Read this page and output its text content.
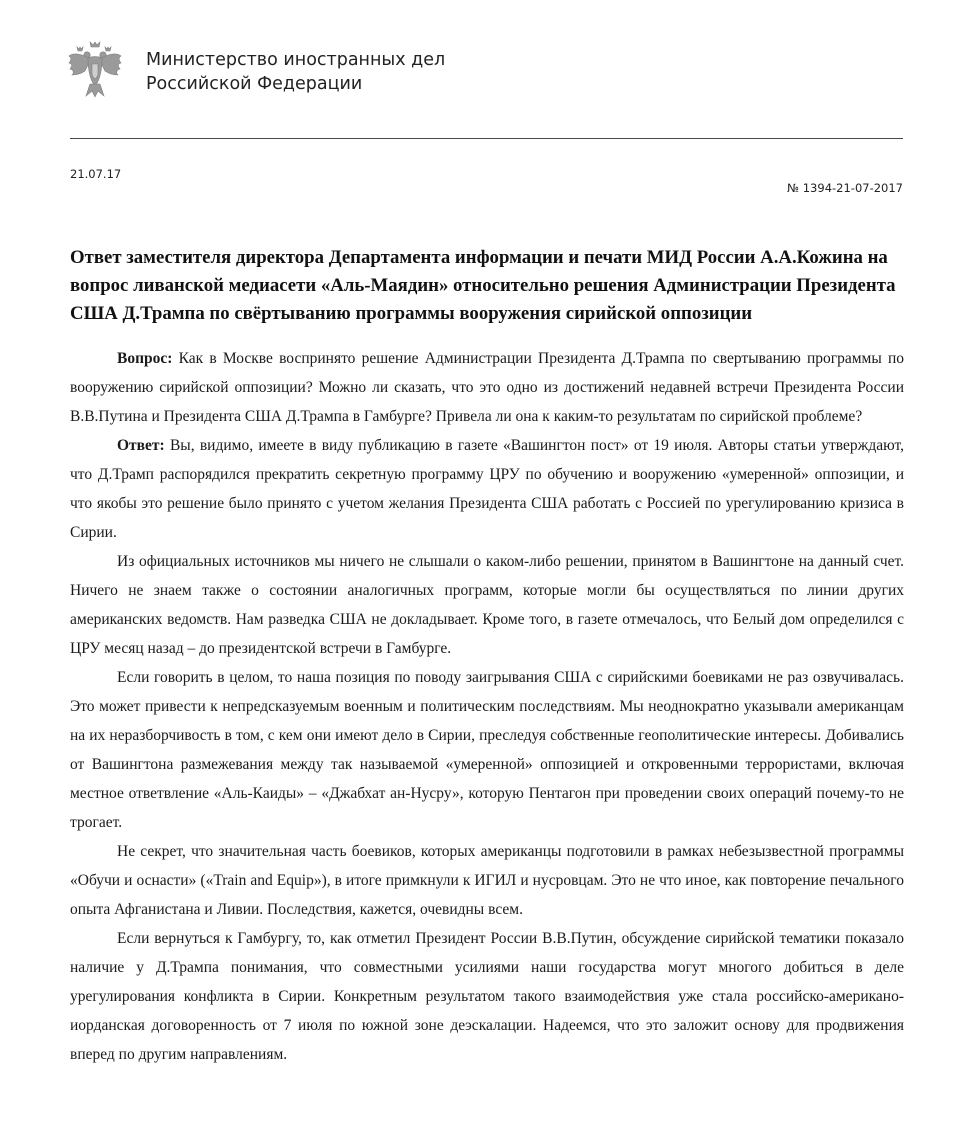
Министерство иностранных дел
Российской Федерации
21.07.17
№ 1394-21-07-2017
Ответ заместителя директора Департамента информации и печати МИД России А.А.Кожина на вопрос ливанской медиасети «Аль-Маядин» относительно решения Администрации Президента США Д.Трампа по свёртыванию программы вооружения сирийской оппозиции

Вопрос: Как в Москве воспринято решение Администрации Президента Д.Трампа по свертыванию программы по вооружению сирийской оппозиции? Можно ли сказать, что это одно из достижений недавней встречи Президента России В.В.Путина и Президента США Д.Трампа в Гамбурге? Привела ли она к каким-то результатам по сирийской проблеме?

Ответ: Вы, видимо, имеете в виду публикацию в газете «Вашингтон пост» от 19 июля. Авторы статьи утверждают, что Д.Трамп распорядился прекратить секретную программу ЦРУ по обучению и вооружению «умеренной» оппозиции, и что якобы это решение было принято с учетом желания Президента США работать с Россией по урегулированию кризиса в Сирии.

Из официальных источников мы ничего не слышали о каком-либо решении, принятом в Вашингтоне на данный счет. Ничего не знаем также о состоянии аналогичных программ, которые могли бы осуществляться по линии других американских ведомств. Нам разведка США не докладывает. Кроме того, в газете отмечалось, что Белый дом определился с ЦРУ месяц назад – до президентской встречи в Гамбурге.

Если говорить в целом, то наша позиция по поводу заигрывания США с сирийскими боевиками не раз озвучивалась. Это может привести к непредсказуемым военным и политическим последствиям. Мы неоднократно указывали американцам на их неразборчивость в том, с кем они имеют дело в Сирии, преследуя собственные геополитические интересы. Добивались от Вашингтона размежевания между так называемой «умеренной» оппозицией и откровенными террористами, включая местное ответвление «Аль-Каиды» – «Джабхат ан-Нусру», которую Пентагон при проведении своих операций почему-то не трогает.

Не секрет, что значительная часть боевиков, которых американцы подготовили в рамках небезызвестной программы «Обучи и оснасти» («Train and Equip»), в итоге примкнули к ИГИЛ и нусровцам. Это не что иное, как повторение печального опыта Афганистана и Ливии. Последствия, кажется, очевидны всем.

Если вернуться к Гамбургу, то, как отметил Президент России В.В.Путин, обсуждение сирийской тематики показало наличие у Д.Трампа понимания, что совместными усилиями наши государства могут многого добиться в деле урегулирования конфликта в Сирии. Конкретным результатом такого взаимодействия уже стала российско-американо-иорданская договоренность от 7 июля по южной зоне деэскалации. Надеемся, что это заложит основу для продвижения вперед по другим направлениям.
